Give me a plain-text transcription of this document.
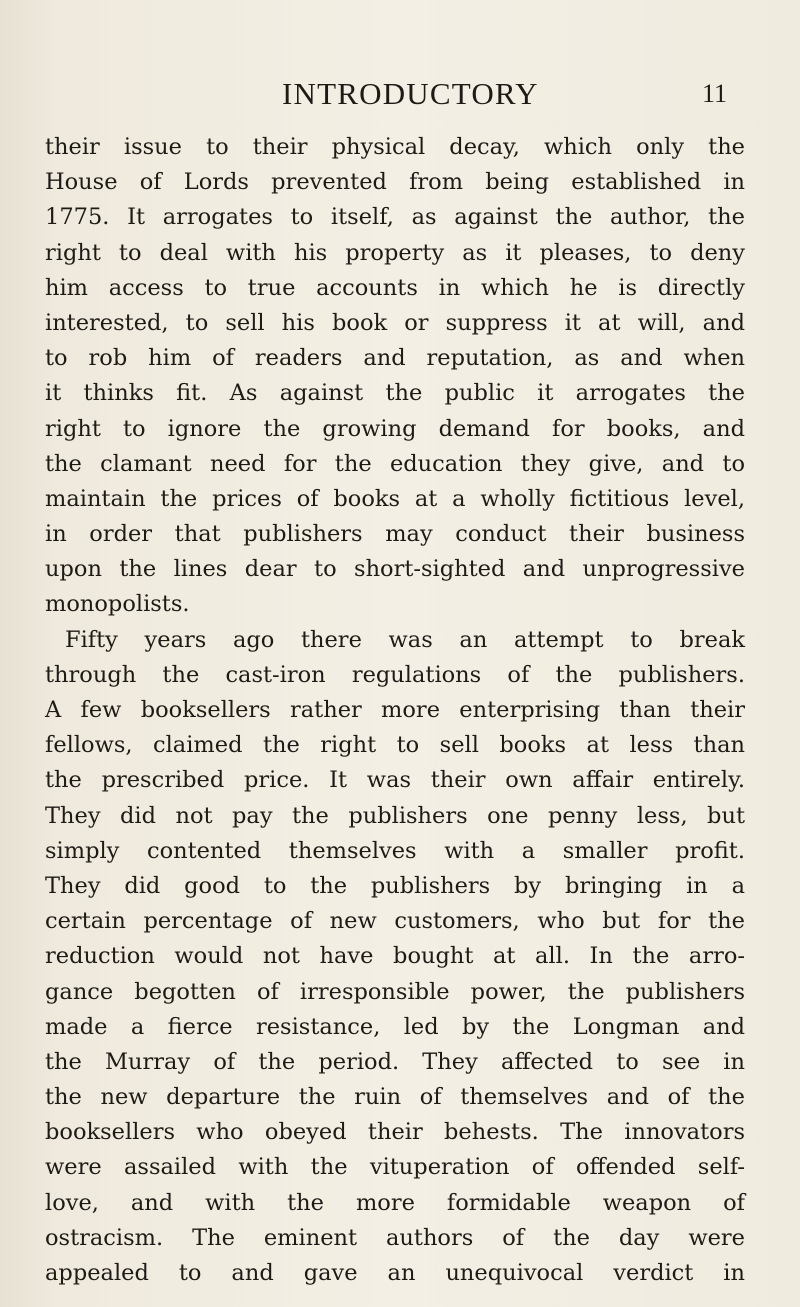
INTRODUCTORY	11
their issue to their physical decay, which only the
House of Lords prevented from being established in
1775. It arrogates to itself, as against the author, the
right to deal with his property as it pleases, to deny
him access to true accounts in which he is directly
interested, to sell his book or suppress it at will, and
to rob him of readers and reputation, as and when
it thinks fit. As against the public it arrogates the
right to ignore the growing demand for books, and
the clamant need for the education they give, and to
maintain the prices of books at a wholly fictitious level,
in order that publishers may conduct their business
upon the lines dear to short-sighted and unprogressive
monopolists.
Fifty years ago there was an attempt to break
through the cast-iron regulations of the publishers.
A few booksellers rather more enterprising than their
fellows, claimed the right to sell books at less than
the prescribed price. It was their own affair entirely.
They did not pay the publishers one penny less, but
simply contented themselves with a smaller profit.
They did good to the publishers by bringing in a
certain percentage of new customers, who but for the
reduction would not have bought at all. In the arro-
gance begotten of irresponsible power, the publishers
made a fierce resistance, led by the Longman and
the Murray of the period. They affected to see in
the new departure the ruin of themselves and of the
booksellers who obeyed their behests. The innovators
were assailed with the vituperation of offended self-
love, and with the more formidable weapon of
ostracism. The eminent authors of the day were
appealed to and gave an unequivocal verdict in
